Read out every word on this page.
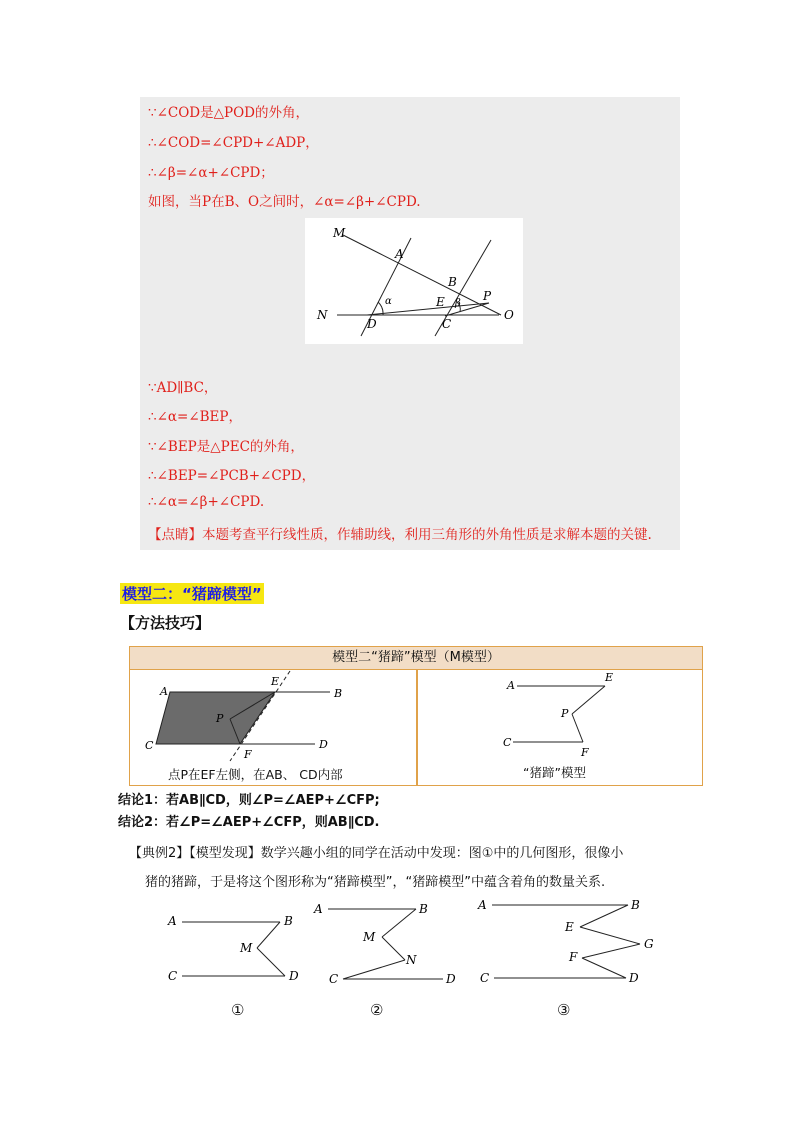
∵∠COD是△POD的外角，
∴∠COD=∠CPD+∠ADP，
∴∠β=∠α+∠CPD；
如图，当P在B、O之间时，∠α=∠β+∠CPD.
M
A
B
N
D
E
C
P
O
α	β
∵AD∥BC，
∴∠α=∠BEP，
∵∠BEP是△PEC的外角，
∴∠BEP=∠PCB+∠CPD，
∴∠α=∠β+∠CPD.
【点睛】本题考查平行线性质，作辅助线，利用三角形的外角性质是求解本题的关键.
模型二：“猪蹄模型”
【方法技巧】
模型二“猪蹄”模型（M模型）
A
E
B
P
C
F
D
点P在EF左侧，在AB、 CD内部
A
E
P
C
F
“猪蹄”模型
结论1：若AB∥CD，则∠P=∠AEP+∠CFP;
结论2：若∠P=∠AEP+∠CFP，则AB∥CD.
【典例2】【模型发现】数学兴趣小组的同学在活动中发现：图①中的几何图形，很像小
猪的猪蹄，于是将这个图形称为“猪蹄模型”，“猪蹄模型”中蕴含着角的数量关系.
A	B
M
C	D
A	B
M
N
C	D
A	B
E
G
F
C	D
①	②	③
